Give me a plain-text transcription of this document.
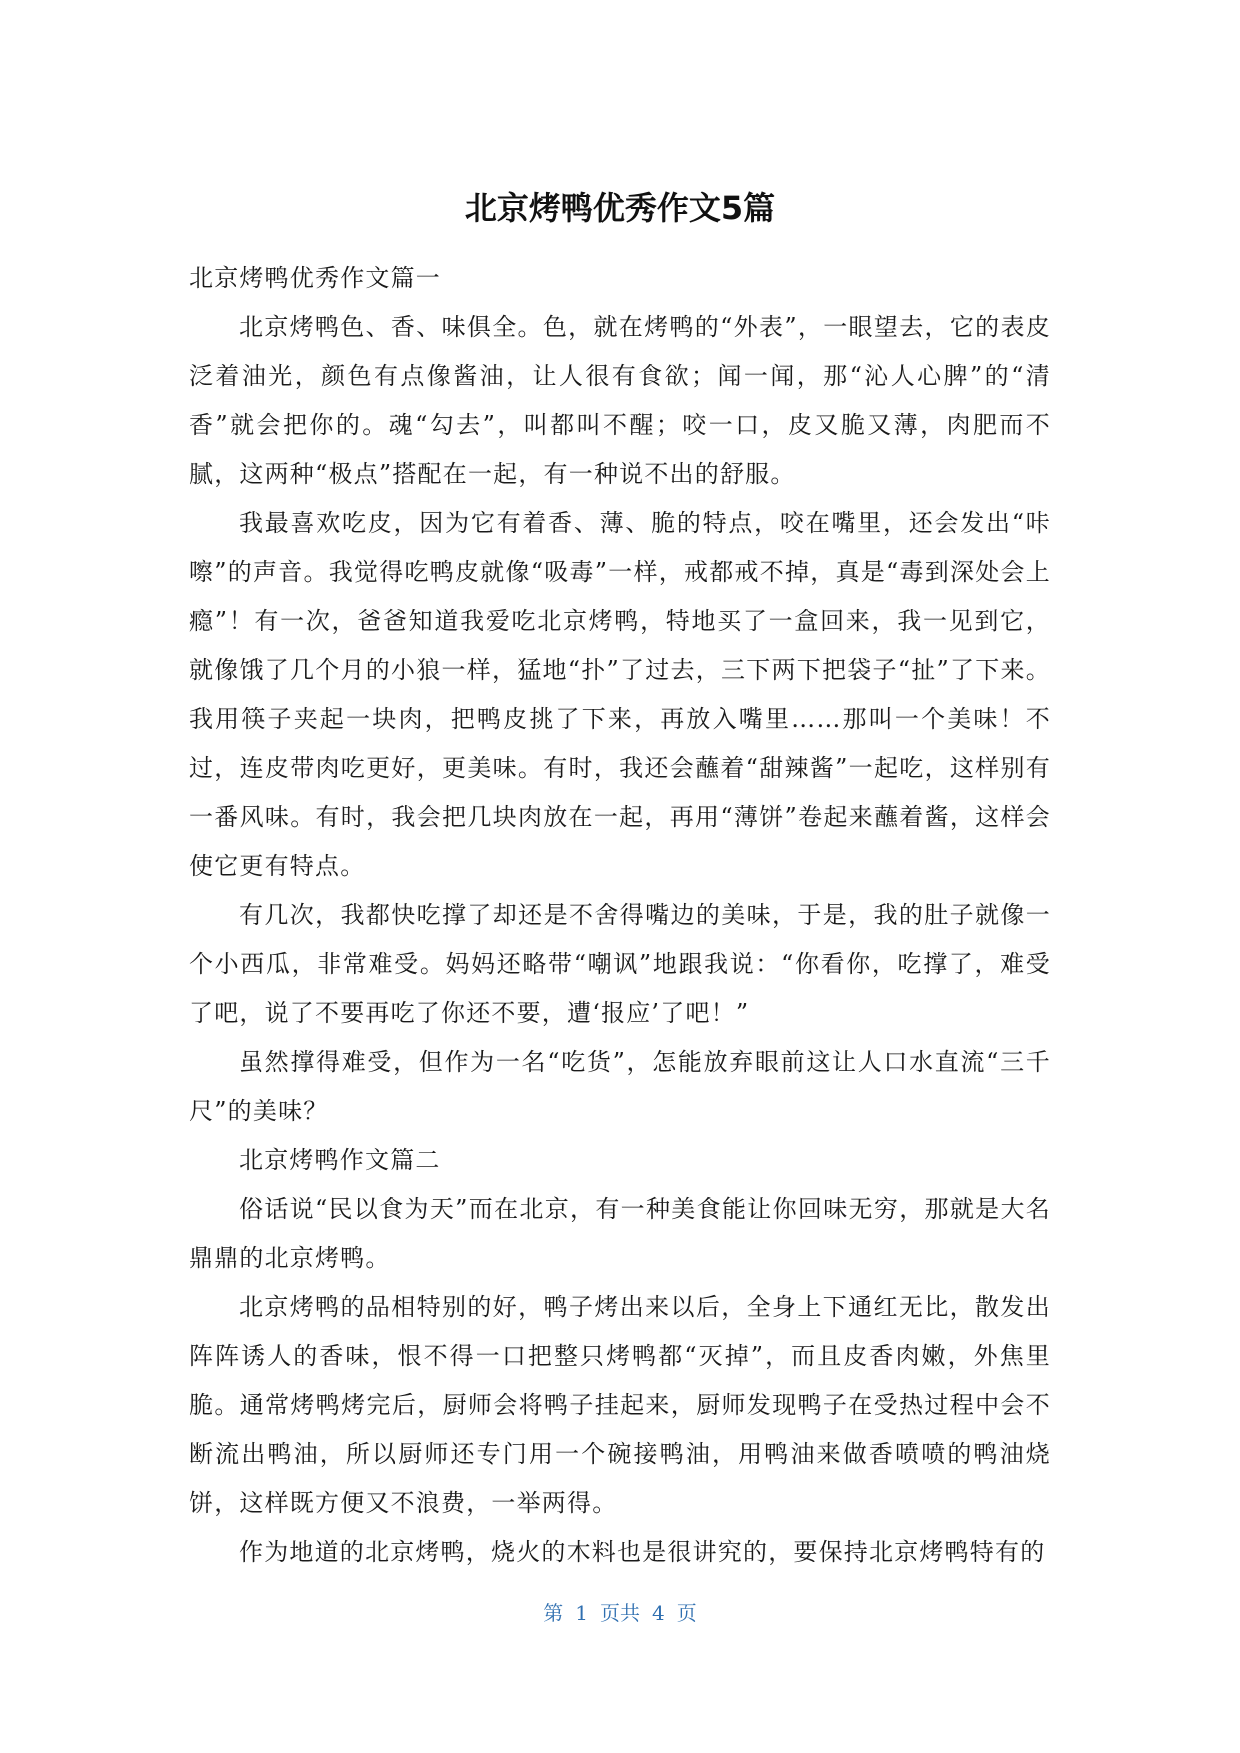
北京烤鸭优秀作文5篇

北京烤鸭优秀作文篇一

北京烤鸭色、香、味俱全。色，就在烤鸭的“外表”，一眼望去，它的表皮泛着油光，颜色有点像酱油，让人很有食欲；闻一闻，那“沁人心脾”的“清香”就会把你的。魂“勾去”，叫都叫不醒；咬一口，皮又脆又薄，肉肥而不腻，这两种“极点”搭配在一起，有一种说不出的舒服。

我最喜欢吃皮，因为它有着香、薄、脆的特点，咬在嘴里，还会发出“咔嚓”的声音。我觉得吃鸭皮就像“吸毒”一样，戒都戒不掉，真是“毒到深处会上瘾”！有一次，爸爸知道我爱吃北京烤鸭，特地买了一盒回来，我一见到它，就像饿了几个月的小狼一样，猛地“扑”了过去，三下两下把袋子“扯”了下来。我用筷子夹起一块肉，把鸭皮挑了下来，再放入嘴里……那叫一个美味！不过，连皮带肉吃更好，更美味。有时，我还会蘸着“甜辣酱”一起吃，这样别有一番风味。有时，我会把几块肉放在一起，再用“薄饼”卷起来蘸着酱，这样会使它更有特点。

有几次，我都快吃撑了却还是不舍得嘴边的美味，于是，我的肚子就像一个小西瓜，非常难受。妈妈还略带“嘲讽”地跟我说：“你看你，吃撑了，难受了吧，说了不要再吃了你还不要，遭‘报应’了吧！”

虽然撑得难受，但作为一名“吃货”，怎能放弃眼前这让人口水直流“三千尺”的美味？

北京烤鸭作文篇二

俗话说“民以食为天”而在北京，有一种美食能让你回味无穷，那就是大名鼎鼎的北京烤鸭。

北京烤鸭的品相特别的好，鸭子烤出来以后，全身上下通红无比，散发出阵阵诱人的香味，恨不得一口把整只烤鸭都“灭掉”，而且皮香肉嫩，外焦里脆。通常烤鸭烤完后，厨师会将鸭子挂起来，厨师发现鸭子在受热过程中会不断流出鸭油，所以厨师还专门用一个碗接鸭油，用鸭油来做香喷喷的鸭油烧饼，这样既方便又不浪费，一举两得。

作为地道的北京烤鸭，烧火的木料也是很讲究的，要保持北京烤鸭特有的

第 1 页共 4 页
